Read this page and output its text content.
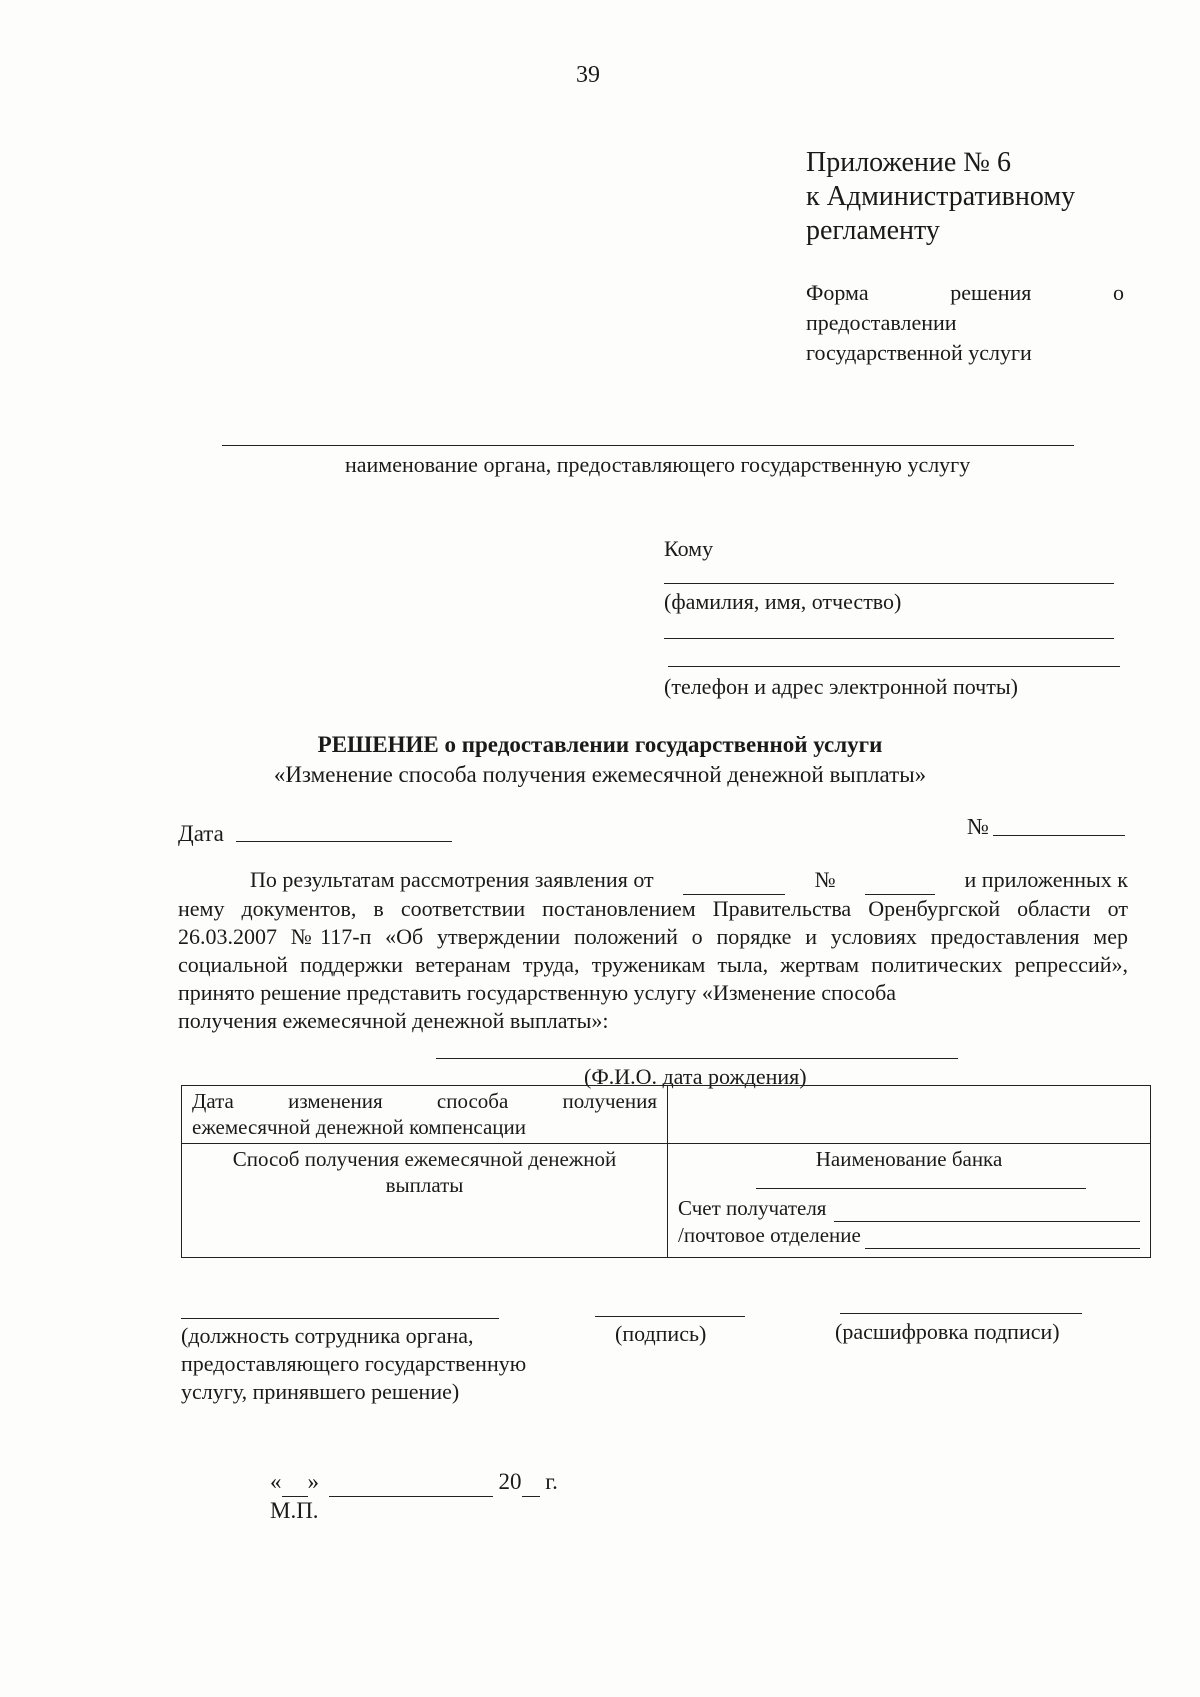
39
Приложение № 6
к Административному
регламенту
Форма	решения	о
предоставлении
государственной услуги
наименование органа, предоставляющего государственную услугу
Кому
(фамилия, имя, отчество)
(телефон и адрес электронной почты)
РЕШЕНИЕ о предоставлении государственной услуги
«Изменение способа получения ежемесячной денежной выплаты»
Дата	№
По результатам рассмотрения заявления от
	№
	и приложенных к
нему документов, в соответствии постановлением Правительства Оренбургской области от 26.03.2007 №117-п «Об утверждении положений о порядке и условиях предоставления мер социальной поддержки ветеранам труда, труженикам тыла, жертвам политических репрессий», принято решение представить государственную услугу «Изменение способа
получения ежемесячной денежной выплаты»:
(Ф.И.О. дата рождения)
Дата изменения способа получения
ежемесячной денежной компенсации	

Способ получения ежемесячной денежной выплаты	Наименование банка
Счет получателя

/почтовое отделение

(должность сотрудника органа,
предоставляющего государственную
услугу, принявшего решение)
(подпись)	(расшифровка подписи)
« »	20 г.
М.П.
